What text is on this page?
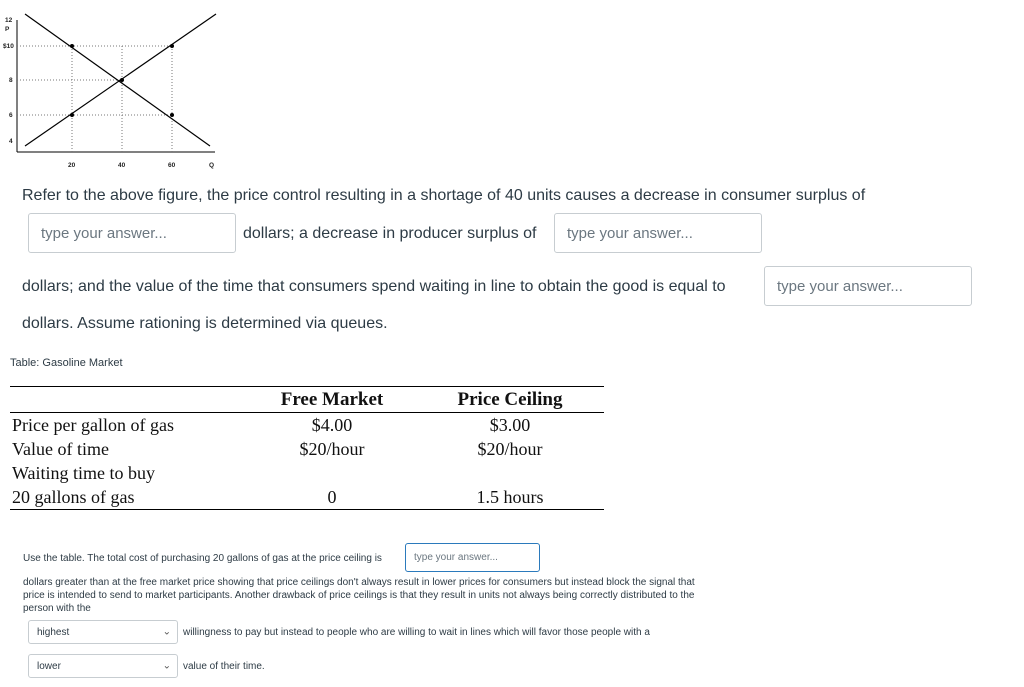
12
P
$10
8
6
4
20	40	60	Q
Refer to the above figure, the price control resulting in a shortage of 40 units causes a decrease in consumer surplus of
type your answer...
dollars; a decrease in producer surplus of
type your answer...
dollars; and the value of the time that consumers spend waiting in line to obtain the good is equal to
type your answer...
dollars. Assume rationing is determined via queues.
Table: Gasoline Market
	Free Market	Price Ceiling
Price per gallon of gas	$4.00	$3.00
Value of time	$20/hour	$20/hour
Waiting time to buy		
20 gallons of gas	0	1.5 hours
Use the table. The total cost of purchasing 20 gallons of gas at the price ceiling is
type your answer...
dollars greater than at the free market price showing that price ceilings don't always result in lower prices for consumers but instead block the signal that price is intended to send to market participants. Another drawback of price ceilings is that they result in units not always being correctly distributed to the person with the
highest	⌄ willingness to pay but instead to people who are willing to wait in lines which will favor those people with a
lower	⌄ value of their time.
